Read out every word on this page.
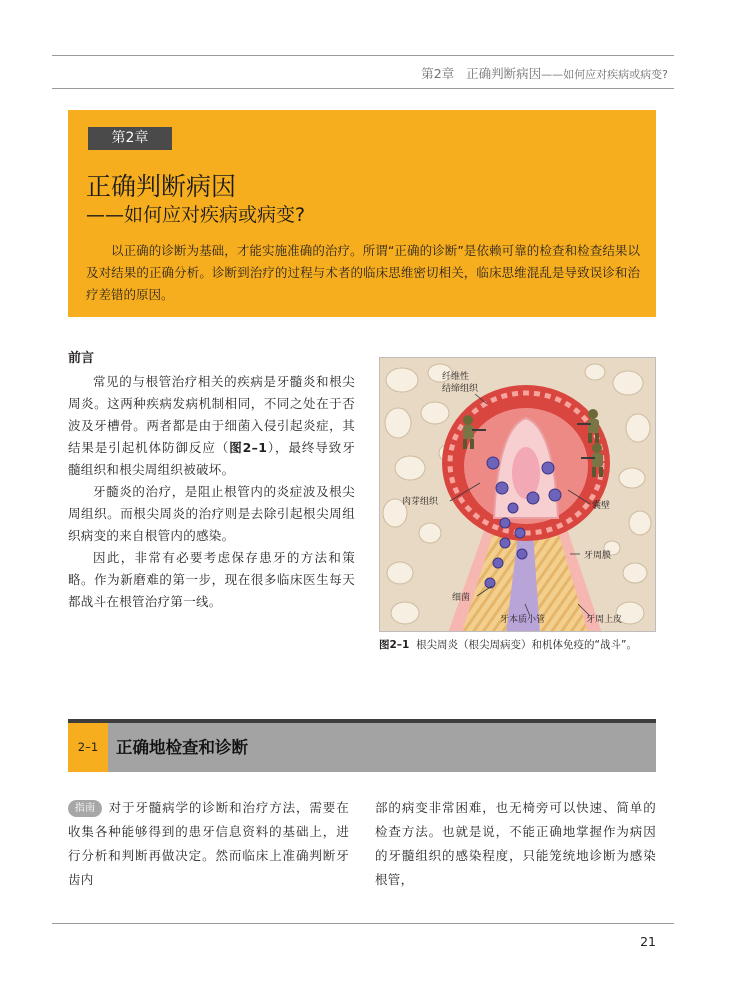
第2章 正确判断病因——如何应对疾病或病变?
第2章
正确判断病因
——如何应对疾病或病变?

以正确的诊断为基础，才能实施准确的治疗。所谓“正确的诊断”是依赖可靠的检查和检查结果以及对结果的正确分析。诊断到治疗的过程与术者的临床思维密切相关，临床思维混乱是导致误诊和治疗差错的原因。

前言

常见的与根管治疗相关的疾病是牙髓炎和根尖周炎。这两种疾病发病机制相同，不同之处在于否波及牙槽骨。两者都是由于细菌入侵引起炎症，其结果是引起机体防御反应（图2–1），最终导致牙髓组织和根尖周组织被破坏。

牙髓炎的治疗，是阻止根管内的炎症波及根尖周组织。而根尖周炎的治疗则是去除引起根尖周组织病变的来自根管内的感染。

因此，非常有必要考虑保存患牙的方法和策略。作为新磨难的第一步，现在很多临床医生每天都战斗在根管治疗第一线。

纤维性
结缔组织
肉芽组织	囊壁
牙周膜
细菌
牙本质小管	牙周上皮
图2–1 根尖周炎（根尖周病变）和机体免疫的“战斗”。
2–1	正确地检查和诊断
指南 对于牙髓病学的诊断和治疗方法，需要在收集各种能够得到的患牙信息资料的基础上，进行分析和判断再做决定。然而临床上准确判断牙齿内
部的病变非常困难，也无椅旁可以快速、简单的检查方法。也就是说，不能正确地掌握作为病因的牙髓组织的感染程度，只能笼统地诊断为感染根管，
21
